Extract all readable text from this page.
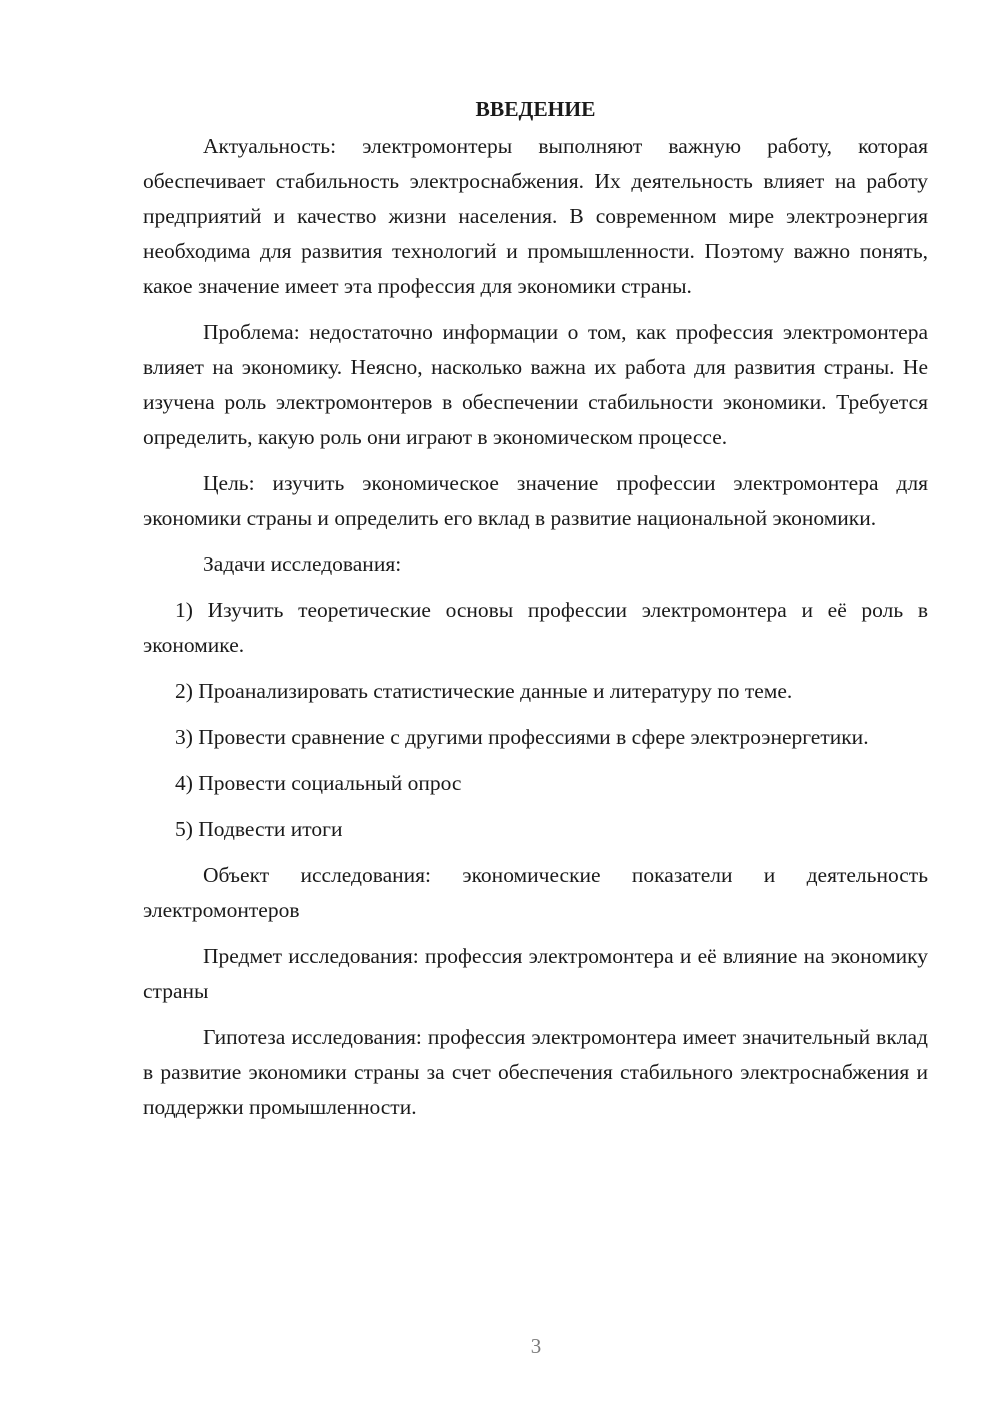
ВВЕДЕНИЕ

Актуальность: электромонтеры выполняют важную работу, которая обеспечивает стабильность электроснабжения. Их деятельность влияет на работу предприятий и качество жизни населения. В современном мире электроэнергия необходима для развития технологий и промышленности. Поэтому важно понять, какое значение имеет эта профессия для экономики страны.

Проблема: недостаточно информации о том, как профессия электромонтера влияет на экономику. Неясно, насколько важна их работа для развития страны. Не изучена роль электромонтеров в обеспечении стабильности экономики. Требуется определить, какую роль они играют в экономическом процессе.

Цель: изучить экономическое значение профессии электромонтера для экономики страны и определить его вклад в развитие национальной экономики.

Задачи исследования:

1) Изучить теоретические основы профессии электромонтера и её роль в экономике.

2) Проанализировать статистические данные и литературу по теме.

3) Провести сравнение с другими профессиями в сфере электроэнергетики.

4) Провести социальный опрос

5) Подвести итоги

Объект исследования: экономические показатели и деятельность электромонтеров

Предмет исследования: профессия электромонтера и её влияние на экономику страны

Гипотеза исследования: профессия электромонтера имеет значительный вклад в развитие экономики страны за счет обеспечения стабильного электроснабжения и поддержки промышленности.

3
